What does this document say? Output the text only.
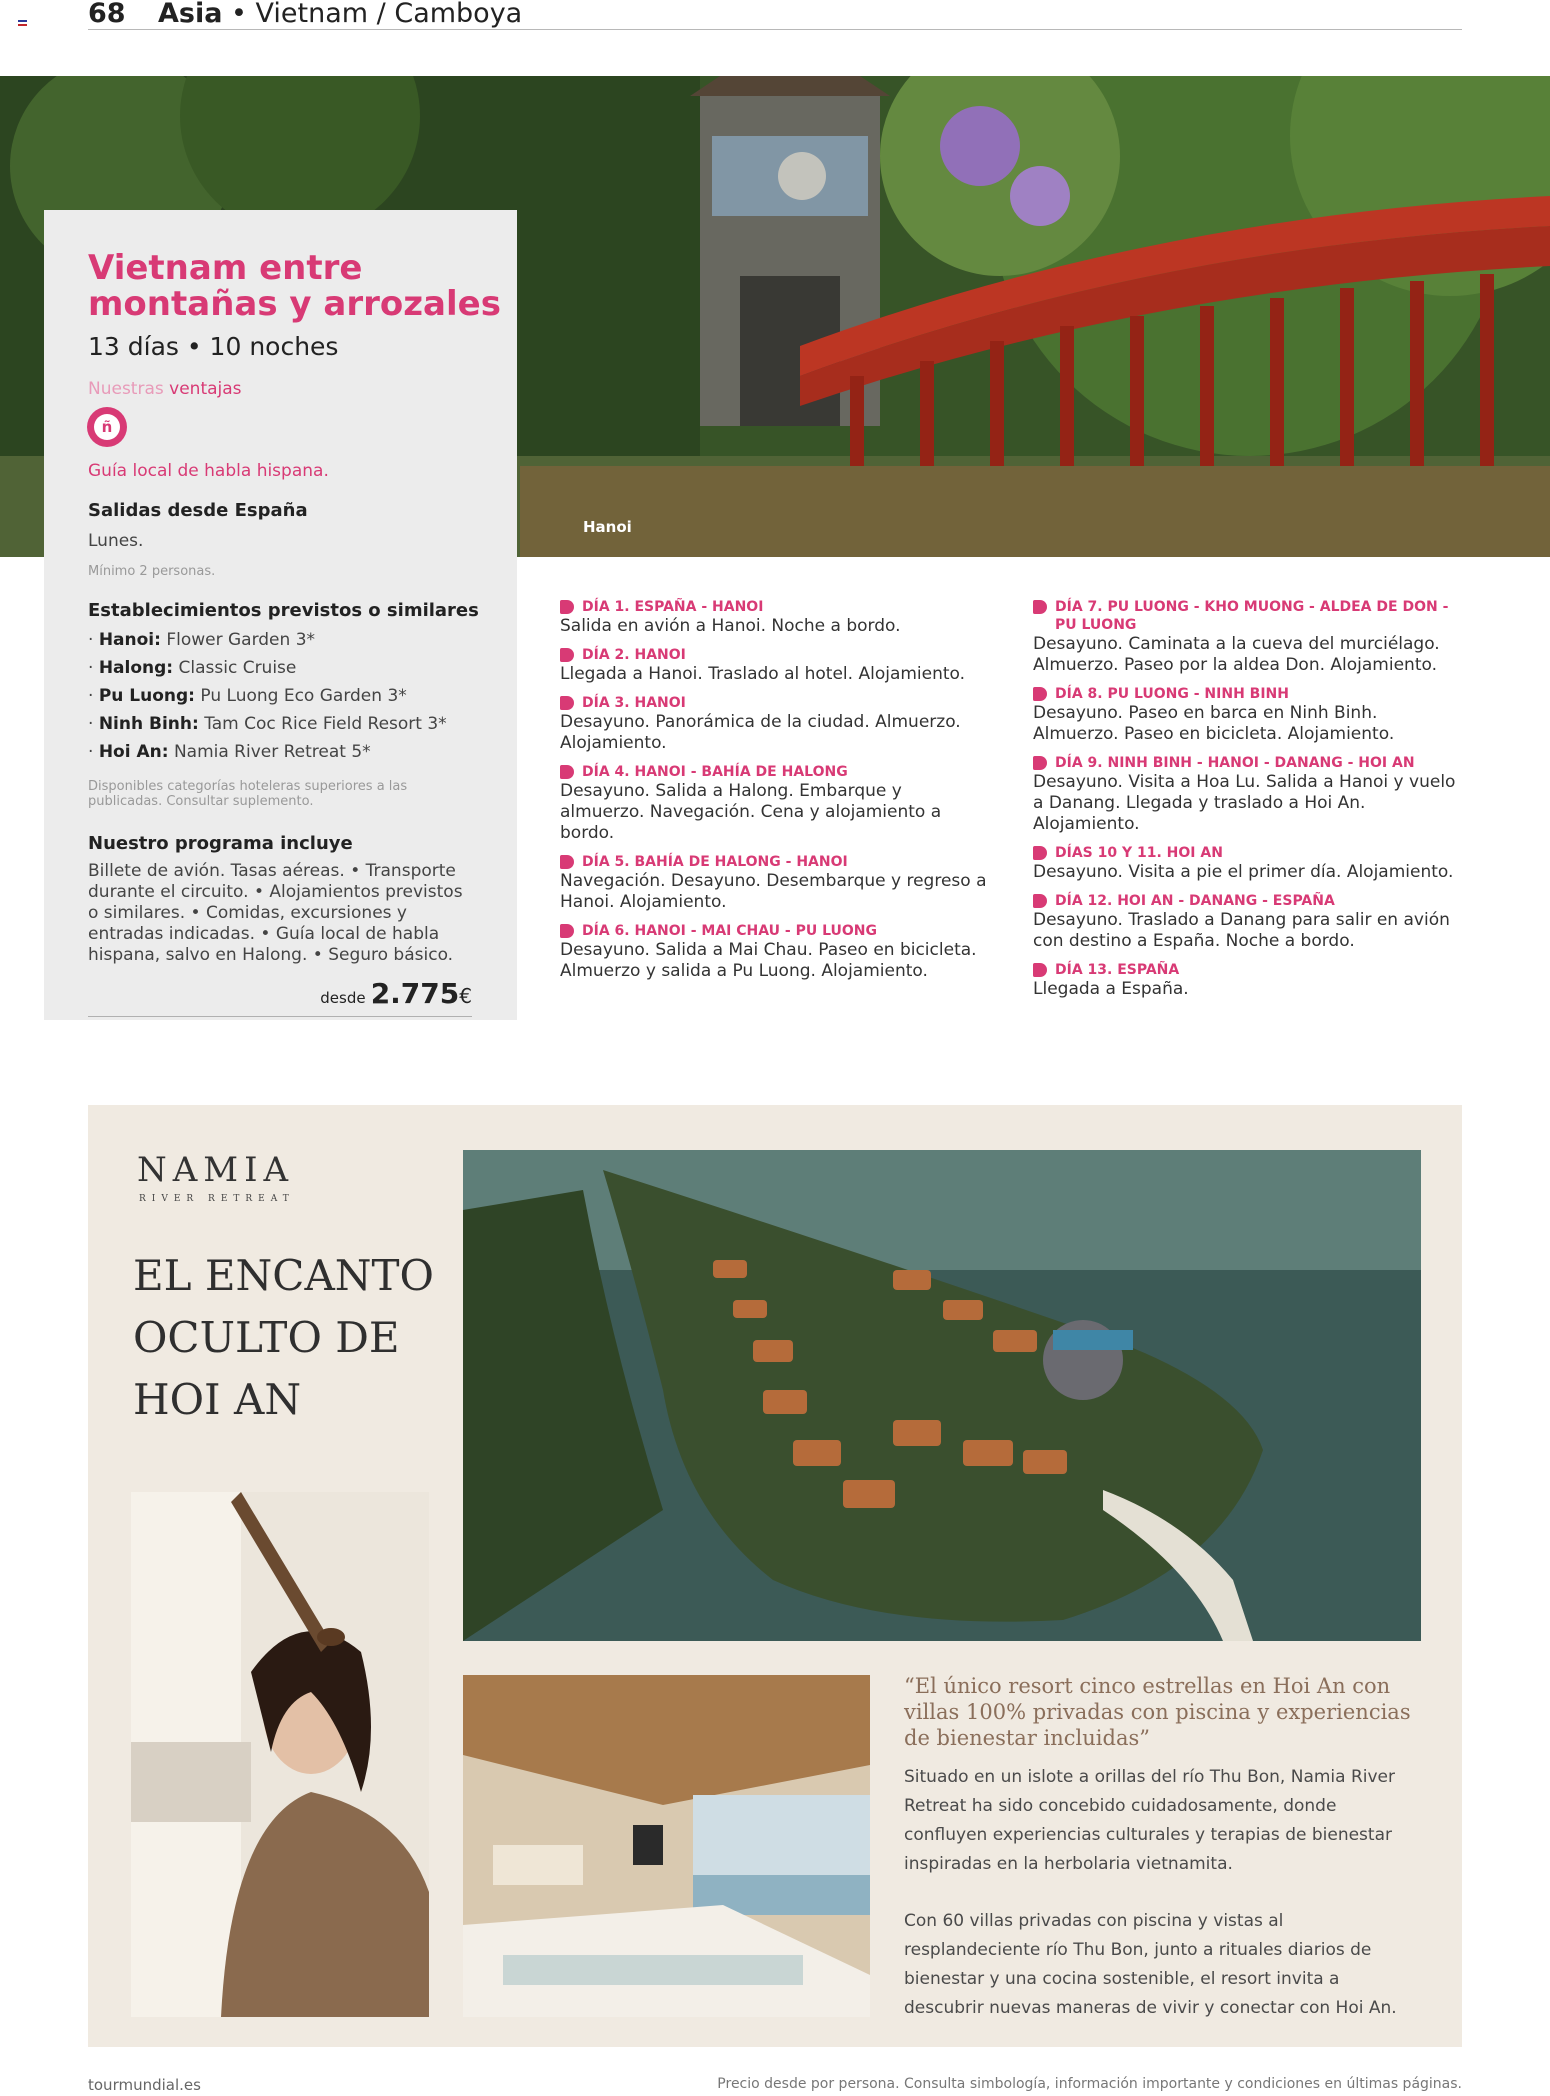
68 Asia • Vietnam / Camboya
Hanoi
Vietnam entre montañas y arrozales
13 días • 10 noches
Nuestras ventajas
ñ
Guía local de habla hispana.
Salidas desde España
Lunes.
Mínimo 2 personas.
Establecimientos previstos o similares
· Hanoi: Flower Garden 3*
· Halong: Classic Cruise
· Pu Luong: Pu Luong Eco Garden 3*
· Ninh Binh: Tam Coc Rice Field Resort 3*
· Hoi An: Namia River Retreat 5*
Disponibles categorías hoteleras superiores a las publicadas. Consultar suplemento.
Nuestro programa incluye
Billete de avión. Tasas aéreas. • Transporte durante el circuito. • Alojamientos previstos o similares. • Comidas, excursiones y entradas indicadas. • Guía local de habla hispana, salvo en Halong. • Seguro básico.
desde 2.775€
DÍA 1. ESPAÑA - HANOI
Salida en avión a Hanoi. Noche a bordo.
DÍA 2. HANOI
Llegada a Hanoi. Traslado al hotel. Alojamiento.
DÍA 3. HANOI
Desayuno. Panorámica de la ciudad. Almuerzo. Alojamiento.
DÍA 4. HANOI - BAHÍA DE HALONG
Desayuno. Salida a Halong. Embarque y almuerzo. Navegación. Cena y alojamiento a bordo.
DÍA 5. BAHÍA DE HALONG - HANOI
Navegación. Desayuno. Desembarque y regreso a Hanoi. Alojamiento.
DÍA 6. HANOI - MAI CHAU - PU LUONG
Desayuno. Salida a Mai Chau. Paseo en bicicleta. Almuerzo y salida a Pu Luong. Alojamiento.
DÍA 7. PU LUONG - KHO MUONG - ALDEA DE DON - PU LUONG
Desayuno. Caminata a la cueva del murciélago. Almuerzo. Paseo por la aldea Don. Alojamiento.
DÍA 8. PU LUONG - NINH BINH
Desayuno. Paseo en barca en Ninh Binh. Almuerzo. Paseo en bicicleta. Alojamiento.
DÍA 9. NINH BINH - HANOI - DANANG - HOI AN
Desayuno. Visita a Hoa Lu. Salida a Hanoi y vuelo a Danang. Llegada y traslado a Hoi An. Alojamiento.
DÍAS 10 Y 11. HOI AN
Desayuno. Visita a pie el primer día. Alojamiento.
DÍA 12. HOI AN - DANANG - ESPAÑA
Desayuno. Traslado a Danang para salir en avión con destino a España. Noche a bordo.
DÍA 13. ESPAÑA
Llegada a España.
NAMIA
RIVER RETREAT
EL ENCANTO
OCULTO DE
HOI AN
“El único resort cinco estrellas en Hoi An con villas 100% privadas con piscina y experiencias de bienestar incluidas”
Situado en un islote a orillas del río Thu Bon, Namia River Retreat ha sido concebido cuidadosamente, donde confluyen experiencias culturales y terapias de bienestar inspiradas en la herbolaria vietnamita.
Con 60 villas privadas con piscina y vistas al resplandeciente río Thu Bon, junto a rituales diarios de bienestar y una cocina sostenible, el resort invita a descubrir nuevas maneras de vivir y conectar con Hoi An.
tourmundial.es	Precio desde por persona. Consulta simbología, información importante y condiciones en últimas páginas.
